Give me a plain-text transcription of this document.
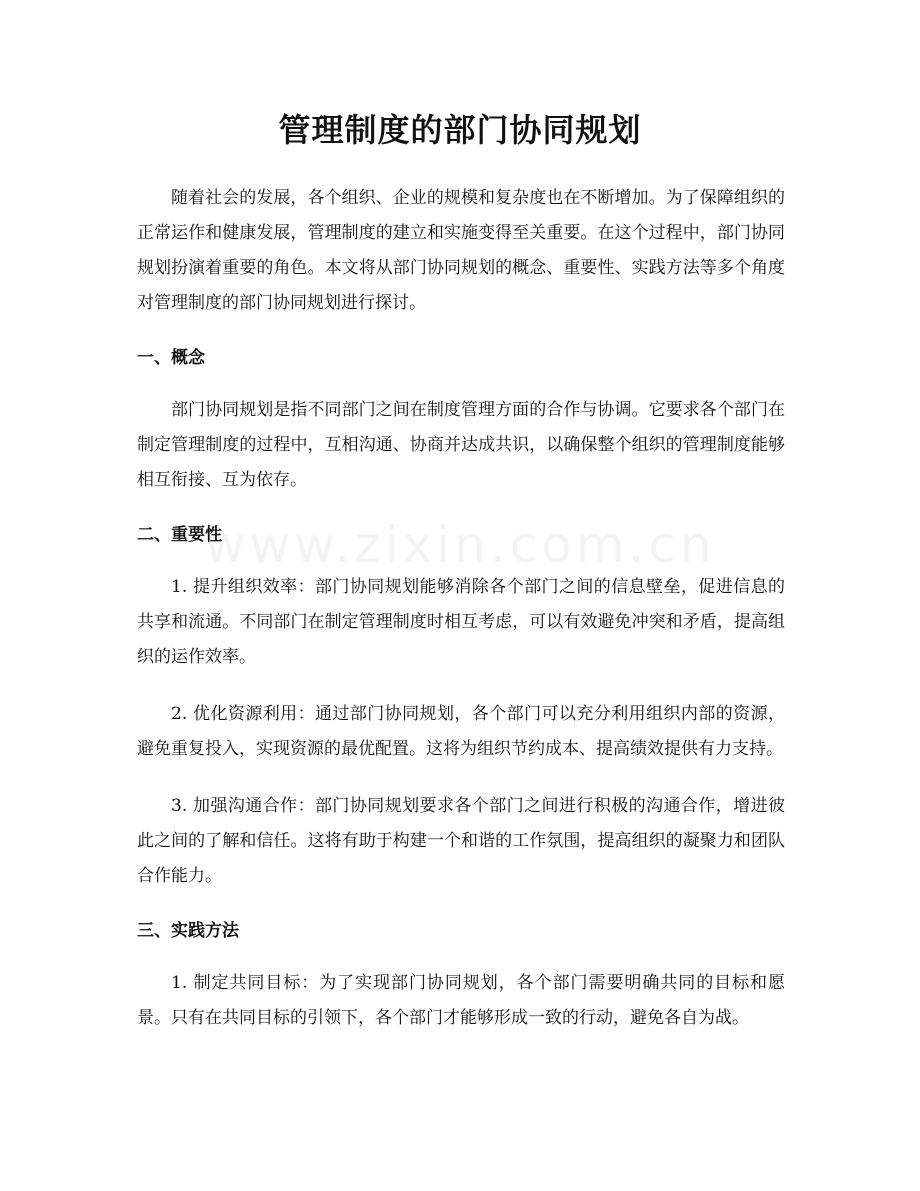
管理制度的部门协同规划
www.zixin.com.cn

随着社会的发展，各个组织、企业的规模和复杂度也在不断增加。为了保障组织的正常运作和健康发展，管理制度的建立和实施变得至关重要。在这个过程中，部门协同规划扮演着重要的角色。本文将从部门协同规划的概念、重要性、实践方法等多个角度对管理制度的部门协同规划进行探讨。

一、概念

部门协同规划是指不同部门之间在制度管理方面的合作与协调。它要求各个部门在制定管理制度的过程中，互相沟通、协商并达成共识，以确保整个组织的管理制度能够相互衔接、互为依存。

二、重要性

1. 提升组织效率：部门协同规划能够消除各个部门之间的信息壁垒，促进信息的共享和流通。不同部门在制定管理制度时相互考虑，可以有效避免冲突和矛盾，提高组织的运作效率。

2. 优化资源利用：通过部门协同规划，各个部门可以充分利用组织内部的资源，避免重复投入，实现资源的最优配置。这将为组织节约成本、提高绩效提供有力支持。

3. 加强沟通合作：部门协同规划要求各个部门之间进行积极的沟通合作，增进彼此之间的了解和信任。这将有助于构建一个和谐的工作氛围，提高组织的凝聚力和团队合作能力。

三、实践方法

1. 制定共同目标：为了实现部门协同规划，各个部门需要明确共同的目标和愿景。只有在共同目标的引领下，各个部门才能够形成一致的行动，避免各自为战。
